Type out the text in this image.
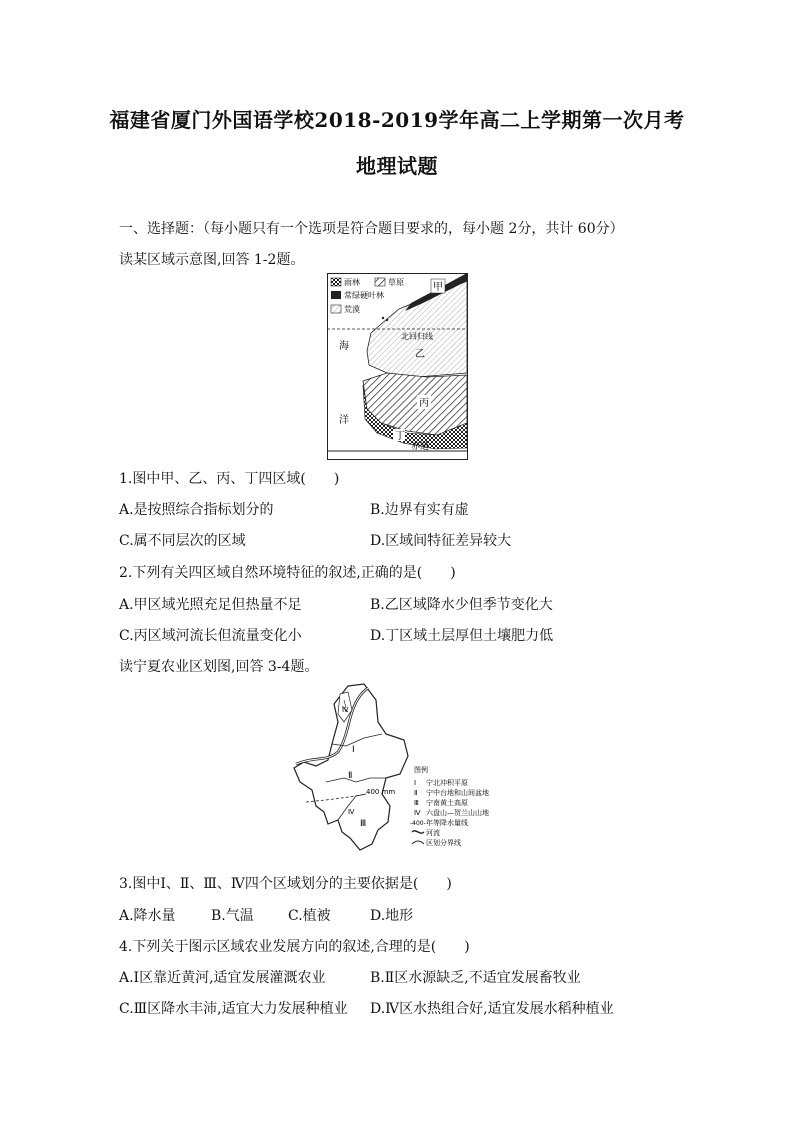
福建省厦门外国语学校2018-2019学年高二上学期第一次月考
地理试题
一、选择题：（每小题只有一个选项是符合题目要求的，每小题 2分，共计 60分）
读某区域示意图,回答 1-2题。
雨林	草原
常绿硬叶林
荒漠
甲
北回归线
乙
丙
丁
海
洋
赤道
1.图中甲、乙、丙、丁四区域(　　)
A.是按照综合指标划分的	B.边界有实有虚
C.属不同层次的区域	D.区域间特征差异较大
2.下列有关四区域自然环境特征的叙述,正确的是(　　)
A.甲区域光照充足但热量不足	B.乙区域降水少但季节变化大
C.丙区域河流长但流量变化小	D.丁区域土层厚但土壤肥力低
读宁夏农业区划图,回答 3-4题。
400 mm
Ⅰ
Ⅱ
Ⅲ
Ⅳ
Ⅳ
图例
Ⅰ 宁北冲积平原
Ⅱ 宁中台地和山间盆地
Ⅲ 宁南黄土高原
Ⅳ 六盘山—贺兰山山地
-400- 年等降水量线
河流
区划分界线
3.图中Ⅰ、Ⅱ、Ⅲ、Ⅳ四个区域划分的主要依据是(　　)
A.降水量	B.气温 C.植被	D.地形
4.下列关于图示区域农业发展方向的叙述,合理的是(　　)
A.Ⅰ区靠近黄河,适宜发展灌溉农业	B.Ⅱ区水源缺乏,不适宜发展畜牧业
C.Ⅲ区降水丰沛,适宜大力发展种植业 D.Ⅳ区水热组合好,适宜发展水稻种植业
